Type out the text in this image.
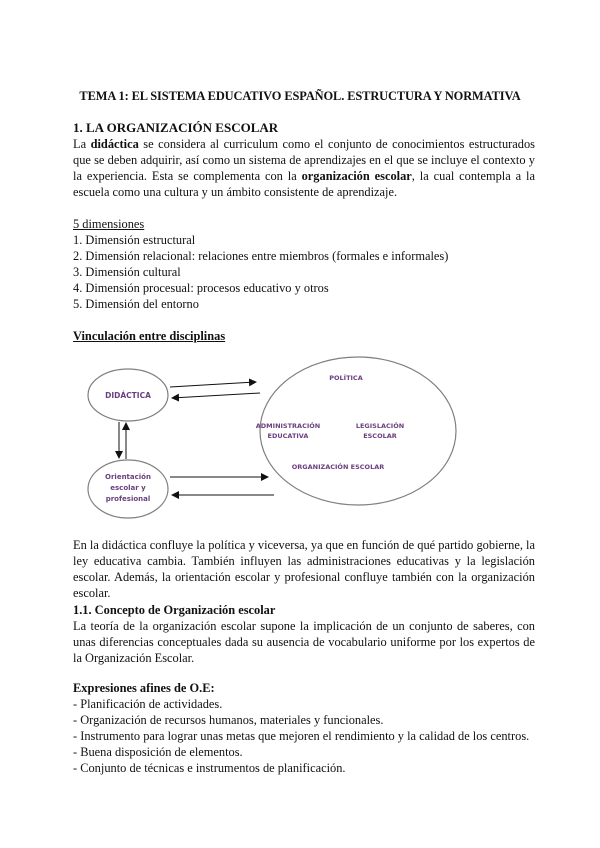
TEMA 1: EL SISTEMA EDUCATIVO ESPAÑOL. ESTRUCTURA Y NORMATIVA
1. LA ORGANIZACIÓN ESCOLAR
La didáctica se considera al curriculum como el conjunto de conocimientos estructurados que se deben adquirir, así como un sistema de aprendizajes en el que se incluye el contexto y la experiencia. Esta se complementa con la organización escolar, la cual contempla a la escuela como una cultura y un ámbito consistente de aprendizaje.
5 dimensiones
1. Dimensión estructural
2. Dimensión relacional: relaciones entre miembros (formales e informales)
3. Dimensión cultural
4. Dimensión procesual: procesos educativo y otros
5. Dimensión del entorno
Vinculación entre disciplinas
DIDÁCTICA
Orientación
escolar y
profesional
POLÍTICA
ADMINISTRACIÓN
EDUCATIVA
LEGISLACIÓN
ESCOLAR
ORGANIZACIÓN ESCOLAR
En la didáctica confluye la política y viceversa, ya que en función de qué partido gobierne, la ley educativa cambia. También influyen las administraciones educativas y la legislación escolar. Además, la orientación escolar y profesional confluye también con la organización escolar.
1.1. Concepto de Organización escolar
La teoría de la organización escolar supone la implicación de un conjunto de saberes, con unas diferencias conceptuales dada su ausencia de vocabulario uniforme por los expertos de la Organización Escolar.
Expresiones afines de O.E:
- Planificación de actividades.
- Organización de recursos humanos, materiales y funcionales.
- Instrumento para lograr unas metas que mejoren el rendimiento y la calidad de los centros. - Buena disposición de elementos.
- Conjunto de técnicas e instrumentos de planificación.
